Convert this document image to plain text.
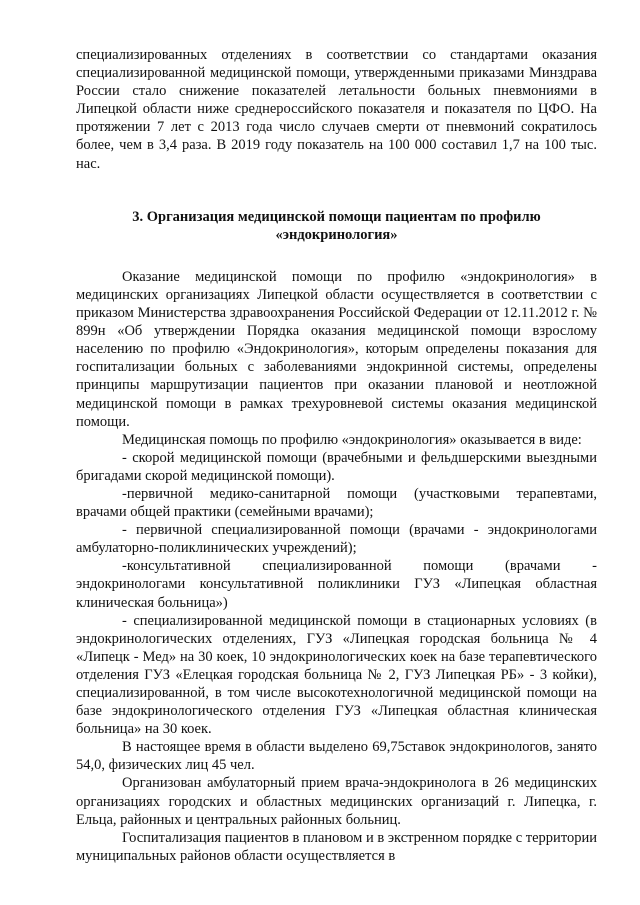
специализированных отделениях в соответствии со стандартами оказания специализированной медицинской помощи, утвержденными приказами Минздрава России стало снижение показателей летальности больных пневмониями в Липецкой области ниже среднероссийского показателя и показателя по ЦФО. На протяжении 7 лет с 2013 года число случаев смерти от пневмоний сократилось более, чем в 3,4 раза. В 2019 году показатель на 100 000 составил 1,7 на 100 тыс. нас.

3. Организация медицинской помощи пациентам по профилю «эндокринология»

Оказание медицинской помощи по профилю «эндокринология» в медицинских организациях Липецкой области осуществляется в соответствии с приказом Министерства здравоохранения Российской Федерации от 12.11.2012 г. № 899н «Об утверждении Порядка оказания медицинской помощи взрослому населению по профилю «Эндокринология», которым определены показания для госпитализации больных с заболеваниями эндокринной системы, определены принципы маршрутизации пациентов при оказании плановой и неотложной медицинской помощи в рамках трехуровневой системы оказания медицинской помощи.

Медицинская помощь по профилю «эндокринология» оказывается в виде:

- скорой медицинской помощи (врачебными и фельдшерскими выездными бригадами скорой медицинской помощи).

-первичной медико-санитарной помощи (участковыми терапевтами, врачами общей практики (семейными врачами);

- первичной специализированной помощи (врачами - эндокринологами амбулаторно-поликлинических учреждений);

-консультативной специализированной помощи (врачами - эндокринологами консультативной поликлиники ГУЗ «Липецкая областная клиническая больница»)

- специализированной медицинской помощи в стационарных условиях (в эндокринологических отделениях, ГУЗ «Липецкая городская больница № 4 «Липецк - Мед» на 30 коек, 10 эндокринологических коек на базе терапевтического отделения ГУЗ «Елецкая городская больница № 2, ГУЗ Липецкая РБ» - 3 койки), специализированной, в том числе высокотехнологичной медицинской помощи на базе эндокринологического отделения ГУЗ «Липецкая областная клиническая больница» на 30 коек.

В настоящее время в области выделено 69,75ставок эндокринологов, занято 54,0, физических лиц 45 чел.

Организован амбулаторный прием врача-эндокринолога в 26 медицинских организациях городских и областных медицинских организаций г. Липецка, г. Ельца, районных и центральных районных больниц.

Госпитализация пациентов в плановом и в экстренном порядке с территории муниципальных районов области осуществляется в
